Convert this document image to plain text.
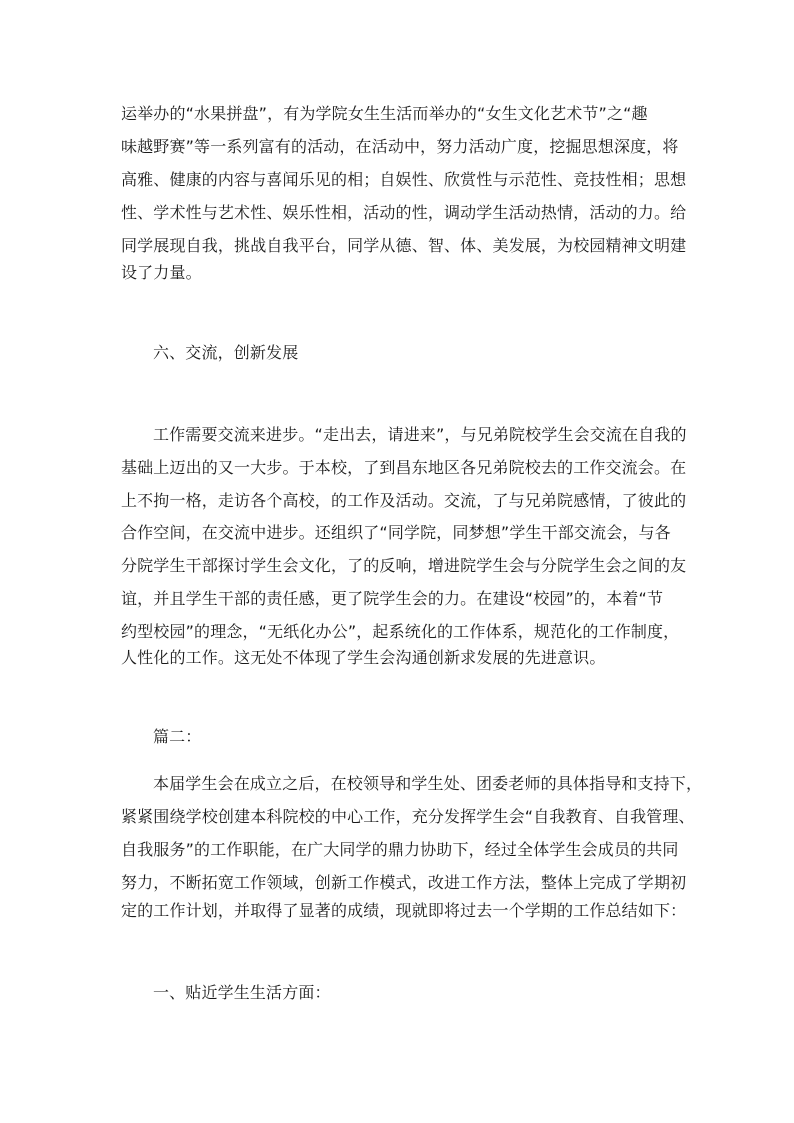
运举办的“水果拼盘”，有为学院女生生活而举办的“女生文化艺术节”之“趣
味越野赛”等一系列富有的活动，在活动中，努力活动广度，挖掘思想深度，将
高雅、健康的内容与喜闻乐见的相；自娱性、欣赏性与示范性、竞技性相；思想
性、学术性与艺术性、娱乐性相，活动的性，调动学生活动热情，活动的力。给
同学展现自我，挑战自我平台，同学从德、智、体、美发展，为校园精神文明建
设了力量。
六、交流，创新发展
工作需要交流来进步。“走出去，请进来”，与兄弟院校学生会交流在自我的
基础上迈出的又一大步。于本校，了到昌东地区各兄弟院校去的工作交流会。在
上不拘一格，走访各个高校，的工作及活动。交流，了与兄弟院感情，了彼此的
合作空间，在交流中进步。还组织了“同学院，同梦想”学生干部交流会，与各
分院学生干部探讨学生会文化，了的反响，增进院学生会与分院学生会之间的友
谊，并且学生干部的责任感，更了院学生会的力。在建设“校园”的，本着“节
约型校园”的理念，“无纸化办公”，起系统化的工作体系，规范化的工作制度，
人性化的工作。这无处不体现了学生会沟通创新求发展的先进意识。
篇二：
本届学生会在成立之后，在校领导和学生处、团委老师的具体指导和支持下，
紧紧围绕学校创建本科院校的中心工作，充分发挥学生会“自我教育、自我管理、
自我服务”的工作职能，在广大同学的鼎力协助下，经过全体学生会成员的共同
努力，不断拓宽工作领域，创新工作模式，改进工作方法，整体上完成了学期初
定的工作计划，并取得了显著的成绩，现就即将过去一个学期的工作总结如下：
一、贴近学生生活方面：
